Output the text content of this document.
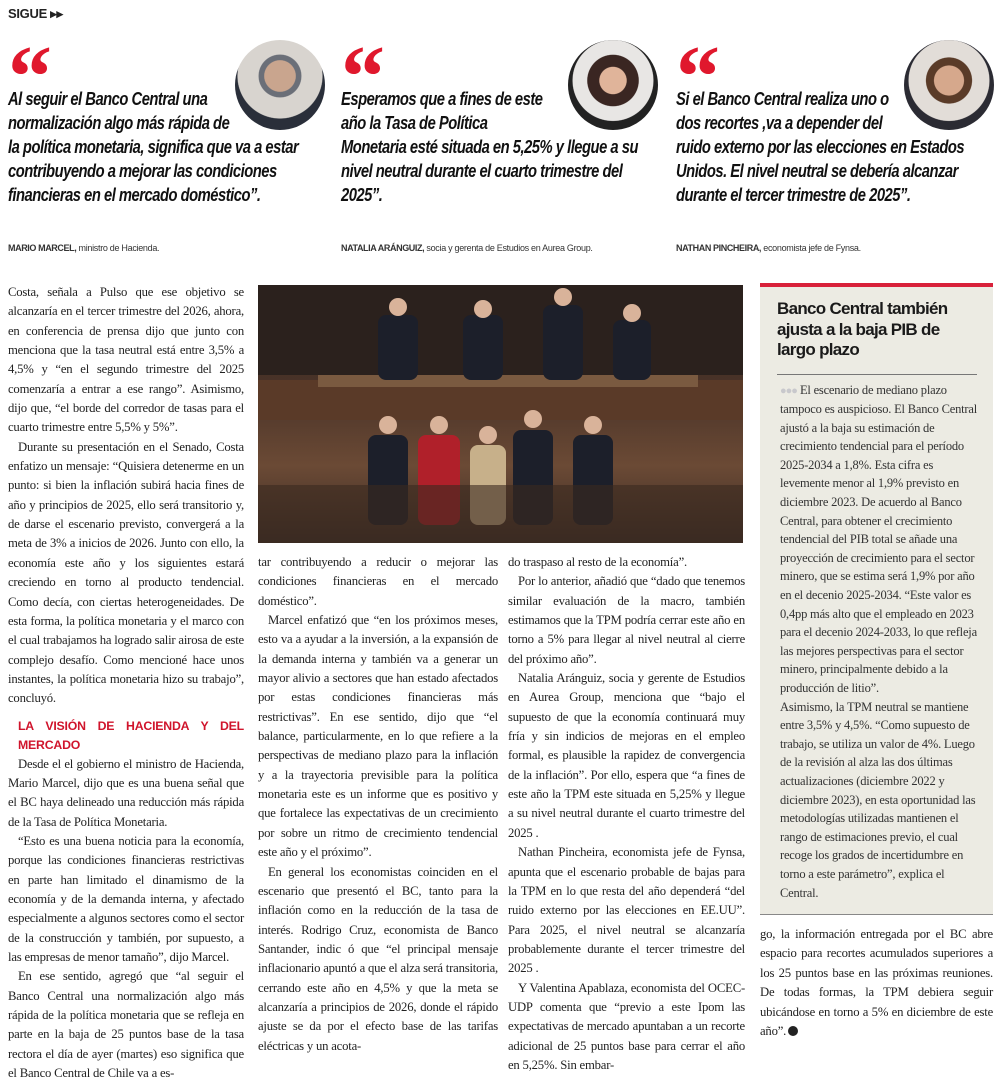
SIGUE ▸▸
“
Al seguir el Banco Central una normalización algo más rápida de la política monetaria, significa que va a estar contribuyendo a mejorar las condiciones financieras en el mercado doméstico”.
MARIO MARCEL, ministro de Hacienda.
“
Esperamos que a fines de este año la Tasa de Política Monetaria esté situada en 5,25% y llegue a su nivel neutral durante el cuarto trimestre del 2025”.
NATALIA ARÁNGUIZ, socia y gerenta de Estudios en Aurea Group.
“
Si el Banco Central realiza uno o dos recortes ,va a depender del ruido externo por las elecciones en Estados Unidos. El nivel neutral se debería alcanzar durante el tercer trimestre de 2025”.
NATHAN PINCHEIRA, economista jefe de Fynsa.

Costa, señala a Pulso que ese objetivo se alcanzaría en el tercer trimestre del 2026, ahora, en conferencia de prensa dijo que junto con menciona que la tasa neutral está entre 3,5% a 4,5% y “en el segundo trimestre del 2025 comenzaría a entrar a ese rango”. Asimismo, dijo que, “el borde del corredor de tasas para el cuarto trimestre entre 5,5% y 5%”.

Durante su presentación en el Senado, Costa enfatizo un mensaje: “Quisiera detenerme en un punto: si bien la inflación subirá hacia fines de año y principios de 2025, ello será transitorio y, de darse el escenario previsto, convergerá a la meta de 3% a inicios de 2026. Junto con ello, la economía este año y los siguientes estará creciendo en torno al producto tendencial. Como decía, con ciertas heterogeneidades. De esta forma, la política monetaria y el marco con el cual trabajamos ha logrado salir airosa de este complejo desafío. Como mencioné hace unos instantes, la política monetaria hizo su trabajo”, concluyó.

LA VISIÓN DE HACIENDA Y DEL MERCADO

Desde el el gobierno el ministro de Hacienda, Mario Marcel, dijo que es una buena señal que el BC haya delineado una reducción más rápida de la Tasa de Política Monetaria.

“Esto es una buena noticia para la economía, porque las condiciones financieras restrictivas en parte han limitado el dinamismo de la economía y de la demanda interna, y afectado especialmente a algunos sectores como el sector de la construcción y también, por supuesto, a las empresas de menor tamaño”, dijo Marcel.

En ese sentido, agregó que “al seguir el Banco Central una normalización algo más rápida de la política monetaria que se refleja en parte en la baja de 25 puntos base de la tasa rectora el día de ayer (martes) eso significa que el Banco Central de Chile va a es-

tar contribuyendo a reducir o mejorar las condiciones financieras en el mercado doméstico”.

Marcel enfatizó que “en los próximos meses, esto va a ayudar a la inversión, a la expansión de la demanda interna y también va a generar un mayor alivio a sectores que han estado afectados por estas condiciones financieras más restrictivas”. En ese sentido, dijo que “el balance, particularmente, en lo que refiere a la perspectivas de mediano plazo para la inflación y a la trayectoria previsible para la política monetaria este es un informe que es positivo y que fortalece las expectativas de un crecimiento por sobre un ritmo de crecimiento tendencial este año y el próximo”.

En general los economistas coinciden en el escenario que presentó el BC, tanto para la inflación como en la reducción de la tasa de interés. Rodrigo Cruz, economista de Banco Santander, indic ó que “el principal mensaje inflacionario apuntó a que el alza será transitoria, cerrando este año en 4,5% y que la meta se alcanzaría a principios de 2026, donde el rápido ajuste se da por el efecto base de las tarifas eléctricas y un acota-

do traspaso al resto de la economía”.

Por lo anterior, añadió que “dado que tenemos similar evaluación de la macro, también estimamos que la TPM podría cerrar este año en torno a 5% para llegar al nivel neutral al cierre del próximo año”.

Natalia Aránguiz, socia y gerente de Estudios en Aurea Group, menciona que “bajo el supuesto de que la economía continuará muy fría y sin indicios de mejoras en el empleo formal, es plausible la rapidez de convergencia de la inflación”. Por ello, espera que “a fines de este año la TPM este situada en 5,25% y llegue a su nivel neutral durante el cuarto trimestre del 2025 .

Nathan Pincheira, economista jefe de Fynsa, apunta que el escenario probable de bajas para la TPM en lo que resta del año dependerá “del ruido externo por las elecciones en EE.UU”. Para 2025, el nivel neutral se alcanzaría probablemente durante el tercer trimestre del 2025 .

Y Valentina Apablaza, economista del OCEC-UDP comenta que “previo a este Ipom las expectativas de mercado apuntaban a un recorte adicional de 25 puntos base para cerrar el año en 5,25%. Sin embar-

Banco Central también ajusta a la baja PIB de largo plazo

●●● El escenario de mediano plazo tampoco es auspicioso. El Banco Central ajustó a la baja su estimación de crecimiento tendencial para el período 2025-2034 a 1,8%. Esta cifra es levemente menor al 1,9% previsto en diciembre 2023. De acuerdo al Banco Central, para obtener el crecimiento tendencial del PIB total se añade una proyección de crecimiento para el sector minero, que se estima será 1,9% por año en el decenio 2025-2034. “Este valor es 0,4pp más alto que el empleado en 2023 para el decenio 2024-2033, lo que refleja las mejores perspectivas para el sector minero, principalmente debido a la producción de litio”.

Asimismo, la TPM neutral se mantiene entre 3,5% y 4,5%. “Como supuesto de trabajo, se utiliza un valor de 4%. Luego de la revisión al alza las dos últimas actualizaciones (diciembre 2022 y diciembre 2023), en esta oportunidad las metodologías utilizadas mantienen el rango de estimaciones previo, el cual recoge los grados de incertidumbre en torno a este parámetro”, explica el Central.

go, la información entregada por el BC abre espacio para recortes acumulados superiores a los 25 puntos base en las próximas reuniones. De todas formas, la TPM debiera seguir ubicándose en torno a 5% en diciembre de este año”.
